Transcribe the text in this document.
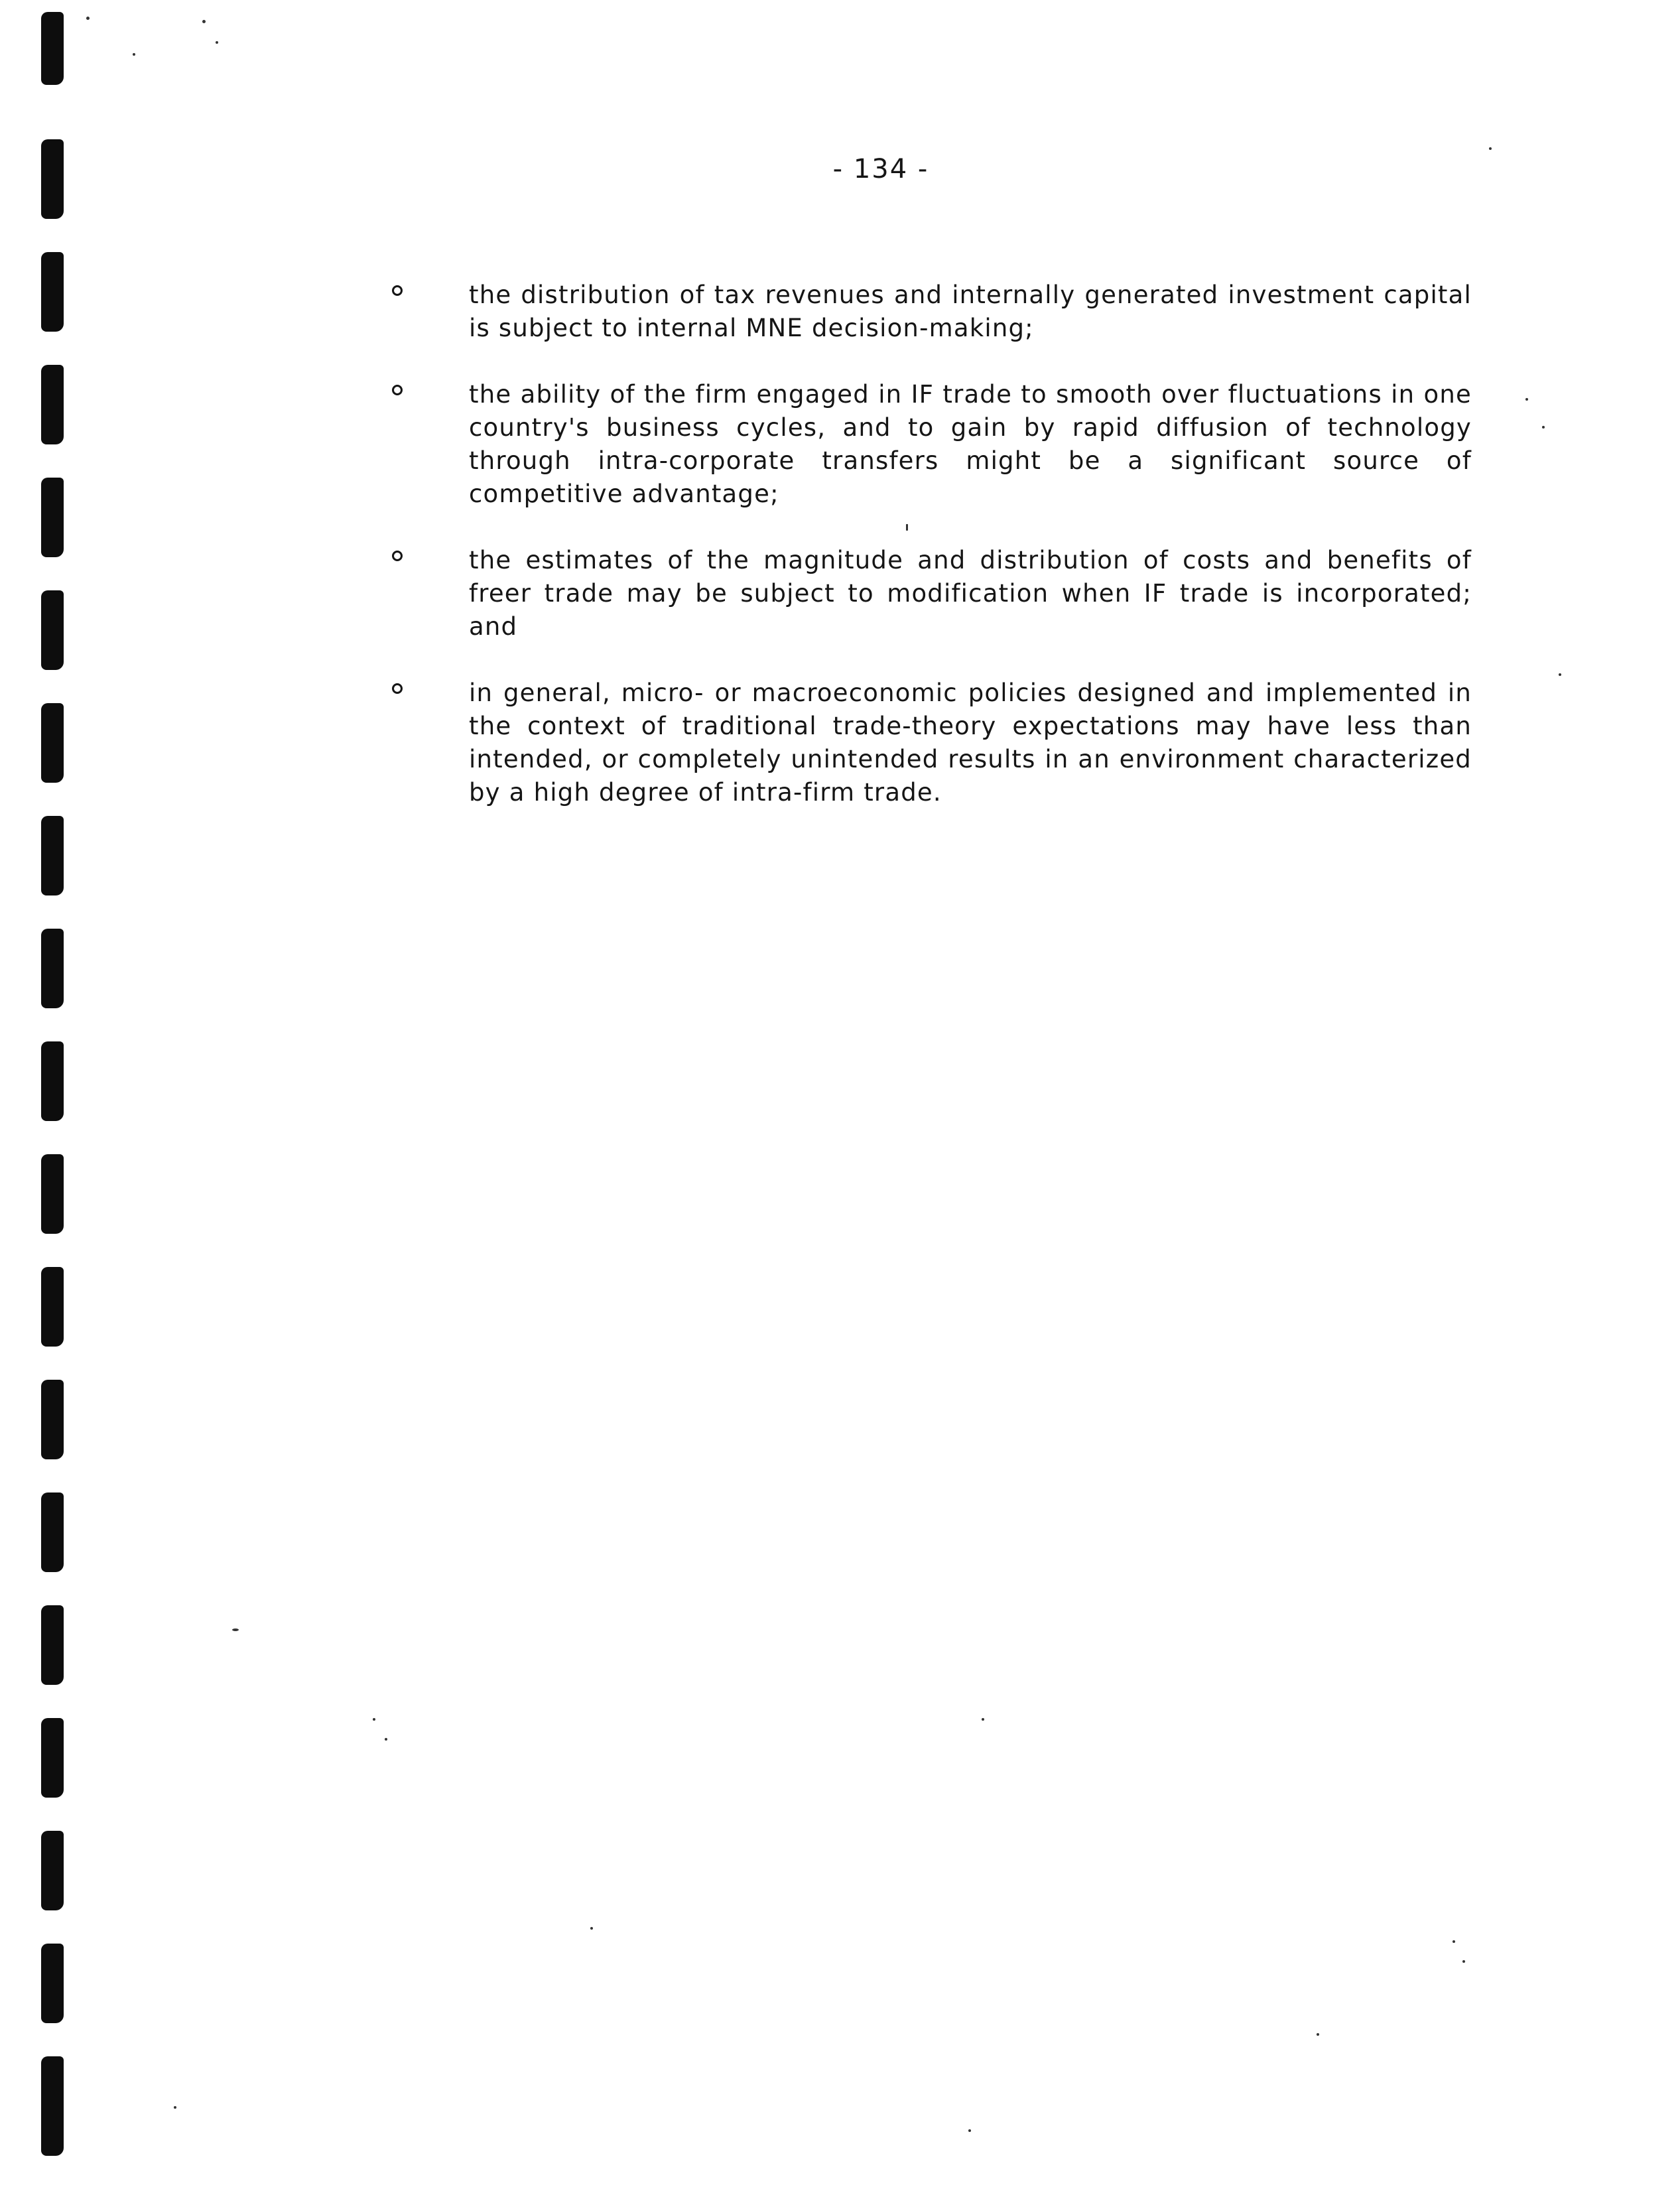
- 134 -
the distribution of tax revenues and internally generated investment capital is subject to internal MNE decision-making;
the ability of the firm engaged in IF trade to smooth over fluctuations in one country's business cycles, and to gain by rapid diffusion of technology through intra-corporate transfers might be a significant source of competitive advantage;
the estimates of the magnitude and distribution of costs and benefits of freer trade may be subject to modification when IF trade is incorporated; and
in general, micro- or macroeconomic policies designed and implemented in the context of traditional trade-theory expectations may have less than intended, or completely unintended results in an environment characterized by a high degree of intra-firm trade.
